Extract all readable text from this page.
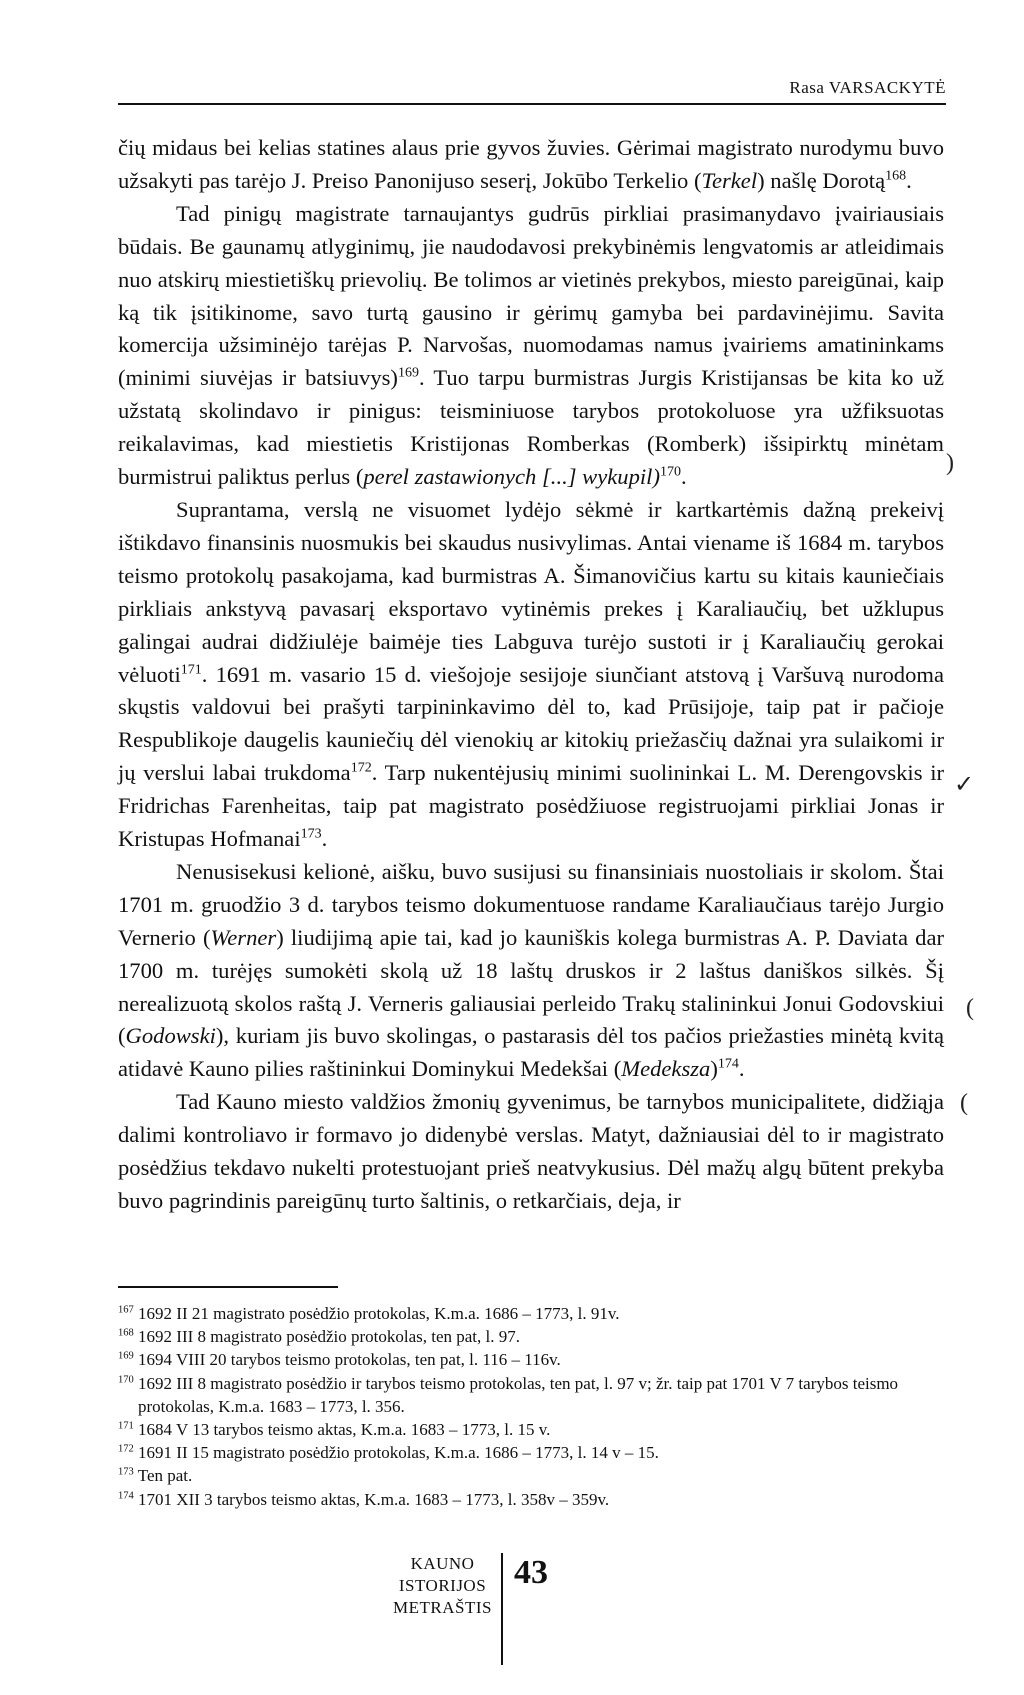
Rasa VARSACKYTĖ

čių midaus bei kelias statines alaus prie gyvos žuvies. Gėrimai magistrato nurodymu buvo užsakyti pas tarėjo J. Preiso Panonijuso seserį, Jokūbo Terkelio (Terkel) našlę Dorotą$^{168}$.

Tad pinigų magistrate tarnaujantys gudrūs pirkliai prasimanydavo įvairiausiais būdais. Be gaunamų atlyginimų, jie naudodavosi prekybinėmis lengvatomis ar atleidimais nuo atskirų miestietiškų prievolių. Be tolimos ar vietinės prekybos, miesto pareigūnai, kaip ką tik įsitikinome, savo turtą gausino ir gėrimų gamyba bei pardavinėjimu. Savita komercija užsiminėjo tarėjas P. Narvošas, nuomodamas namus įvairiems amatininkams (minimi siuvėjas ir batsiuvys)$^{169}$. Tuo tarpu burmistras Jurgis Kristijansas be kita ko už užstatą skolindavo ir pinigus: teisminiuose tarybos protokoluose yra užfiksuotas reikalavimas, kad miestietis Kristijonas Romberkas (Romberk) išsipirktų minėtam burmistrui paliktus perlus (perel zastawionych [...] wykupil)$^{170}$.

Suprantama, verslą ne visuomet lydėjo sėkmė ir kartkartėmis dažną prekeivį ištikdavo finansinis nuosmukis bei skaudus nusivylimas. Antai viename iš 1684 m. tarybos teismo protokolų pasakojama, kad burmistras A. Šimanovičius kartu su kitais kauniečiais pirkliais ankstyvą pavasarį eksportavo vytinėmis prekes į Karaliaučių, bet užklupus galingai audrai didžiulėje baimėje ties Labguva turėjo sustoti ir į Karaliaučių gerokai vėluoti$^{171}$. 1691 m. vasario 15 d. viešojoje sesijoje siunčiant atstovą į Varšuvą nurodoma skųstis valdovui bei prašyti tarpininkavimo dėl to, kad Prūsijoje, taip pat ir pačioje Respublikoje daugelis kauniečių dėl vienokių ar kitokių priežasčių dažnai yra sulaikomi ir jų verslui labai trukdoma$^{172}$. Tarp nukentėjusių minimi suolininkai L. M. Derengovskis ir Fridrichas Farenheitas, taip pat magistrato posėdžiuose registruojami pirkliai Jonas ir Kristupas Hofmanai$^{173}$.

Nenusisekusi kelionė, aišku, buvo susijusi su finansiniais nuostoliais ir skolom. Štai 1701 m. gruodžio 3 d. tarybos teismo dokumentuose randame Karaliaučiaus tarėjo Jurgio Vernerio (Werner) liudijimą apie tai, kad jo kauniškis kolega burmistras A. P. Daviata dar 1700 m. turėjęs sumokėti skolą už 18 laštų druskos ir 2 laštus daniškos silkės. Šį nerealizuotą skolos raštą J. Verneris galiausiai perleido Trakų stalininkui Jonui Godovskiui (Godowski), kuriam jis buvo skolingas, o pastarasis dėl tos pačios priežasties minėtą kvitą atidavė Kauno pilies raštininkui Dominykui Medekšai (Medeksza)$^{174}$.

Tad Kauno miesto valdžios žmonių gyvenimus, be tarnybos municipalitete, didžiąja dalimi kontroliavo ir formavo jo didenybė verslas. Matyt, dažniausiai dėl to ir magistrato posėdžius tekdavo nukelti protestuojant prieš neatvykusius. Dėl mažų algų būtent prekyba buvo pagrindinis pareigūnų turto šaltinis, o retkarčiais, deja, ir

)
✓
(
(

$^{167}$ 1692 II 21 magistrato posėdžio protokolas, K.m.a. 1686 – 1773, l. 91v.

$^{168}$ 1692 III 8 magistrato posėdžio protokolas, ten pat, l. 97.

$^{169}$ 1694 VIII 20 tarybos teismo protokolas, ten pat, l. 116 – 116v.

$^{170}$ 1692 III 8 magistrato posėdžio ir tarybos teismo protokolas, ten pat, l. 97 v; žr. taip pat 1701 V 7 tarybos teismo protokolas, K.m.a. 1683 – 1773, l. 356.

$^{171}$ 1684 V 13 tarybos teismo aktas, K.m.a. 1683 – 1773, l. 15 v.

$^{172}$ 1691 II 15 magistrato posėdžio protokolas, K.m.a. 1686 – 1773, l. 14 v – 15.

$^{173}$ Ten pat.

$^{174}$ 1701 XII 3 tarybos teismo aktas, K.m.a. 1683 – 1773, l. 358v – 359v.

KAUNO
ISTORIJOS
METRAŠTIS
43
